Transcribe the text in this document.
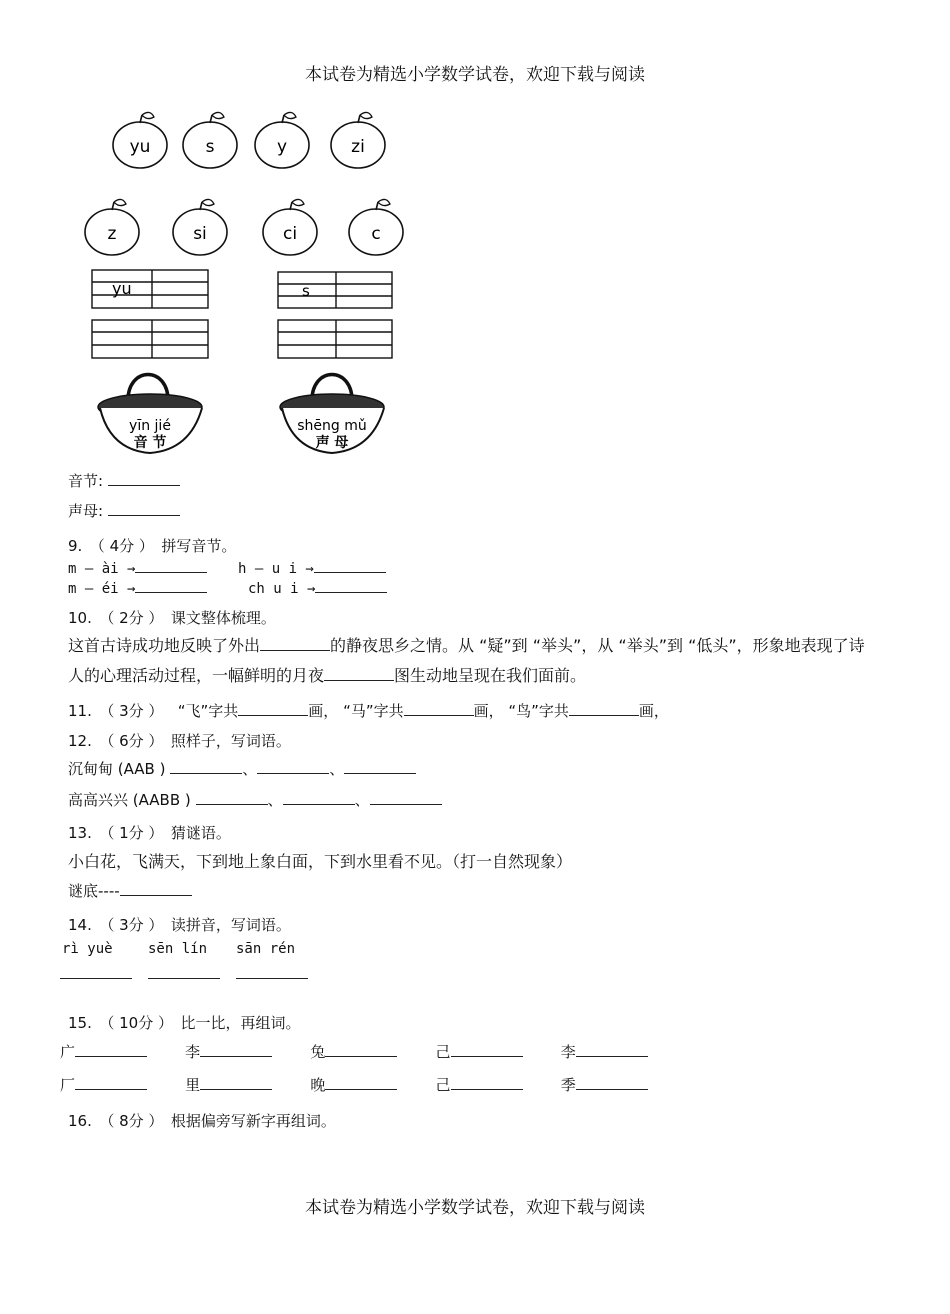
本试卷为精选小学数学试卷，欢迎下载与阅读
yu	s	y	zi
z	si	ci	c
yu	s
yīn jié
音 节
shēng mǔ
声 母
音节:
声母:
9.　（ 4分 ）　拼写音节。
m — ài →	h — u i →
m — éi →	ch u i →
10.　（ 2分 ）　课文整体梳理。
这首古诗成功地反映了外出	的静夜思乡之情。从 “疑”到 “举头”，从 “举头”到 “低头”，形象地表现了诗
人的心理活动过程，一幅鲜明的月夜	图生动地呈现在我们面前。
11.　（ 3分 ） “飞”字共	画， “马”字共	画， “鸟”字共	画，
12.　（ 6分 ）　照样子，写词语。
沉甸甸 (AAB )	、	、
高高兴兴 (AABB )	、	、
13.　（ 1分 ）　猜谜语。
小白花，飞满天，下到地上象白面，下到水里看不见。（打一自然现象）
谜底----
14.　（ 3分 ）　读拼音，写词语。
rì yuè	sēn lín sān rén
15.　（ 10分 ）　比一比，再组词。
广	李	兔	己	李
厂	里	晚	己	季
16.　（ 8分 ）　根据偏旁写新字再组词。
本试卷为精选小学数学试卷，欢迎下载与阅读
